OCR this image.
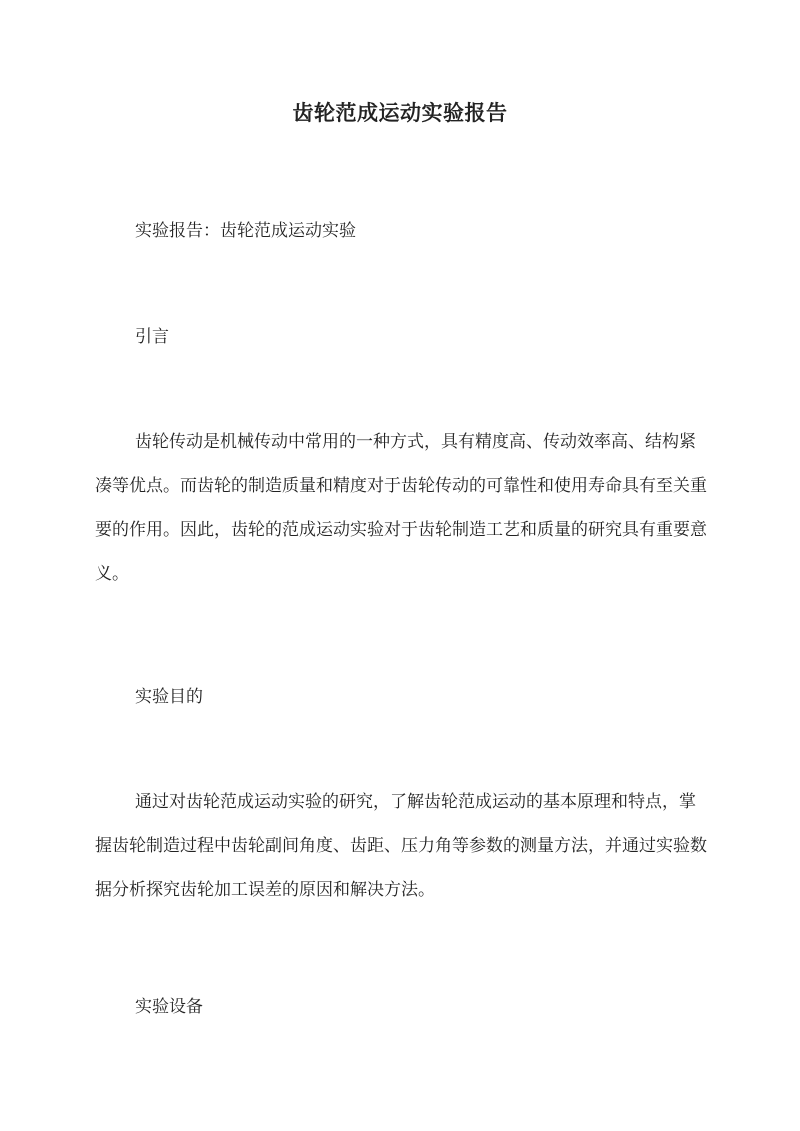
齿轮范成运动实验报告

实验报告：齿轮范成运动实验

引言

齿轮传动是机械传动中常用的一种方式，具有精度高、传动效率高、结构紧凑等优点。而齿轮的制造质量和精度对于齿轮传动的可靠性和使用寿命具有至关重要的作用。因此，齿轮的范成运动实验对于齿轮制造工艺和质量的研究具有重要意义。

实验目的

通过对齿轮范成运动实验的研究，了解齿轮范成运动的基本原理和特点，掌握齿轮制造过程中齿轮副间角度、齿距、压力角等参数的测量方法，并通过实验数据分析探究齿轮加工误差的原因和解决方法。

实验设备
